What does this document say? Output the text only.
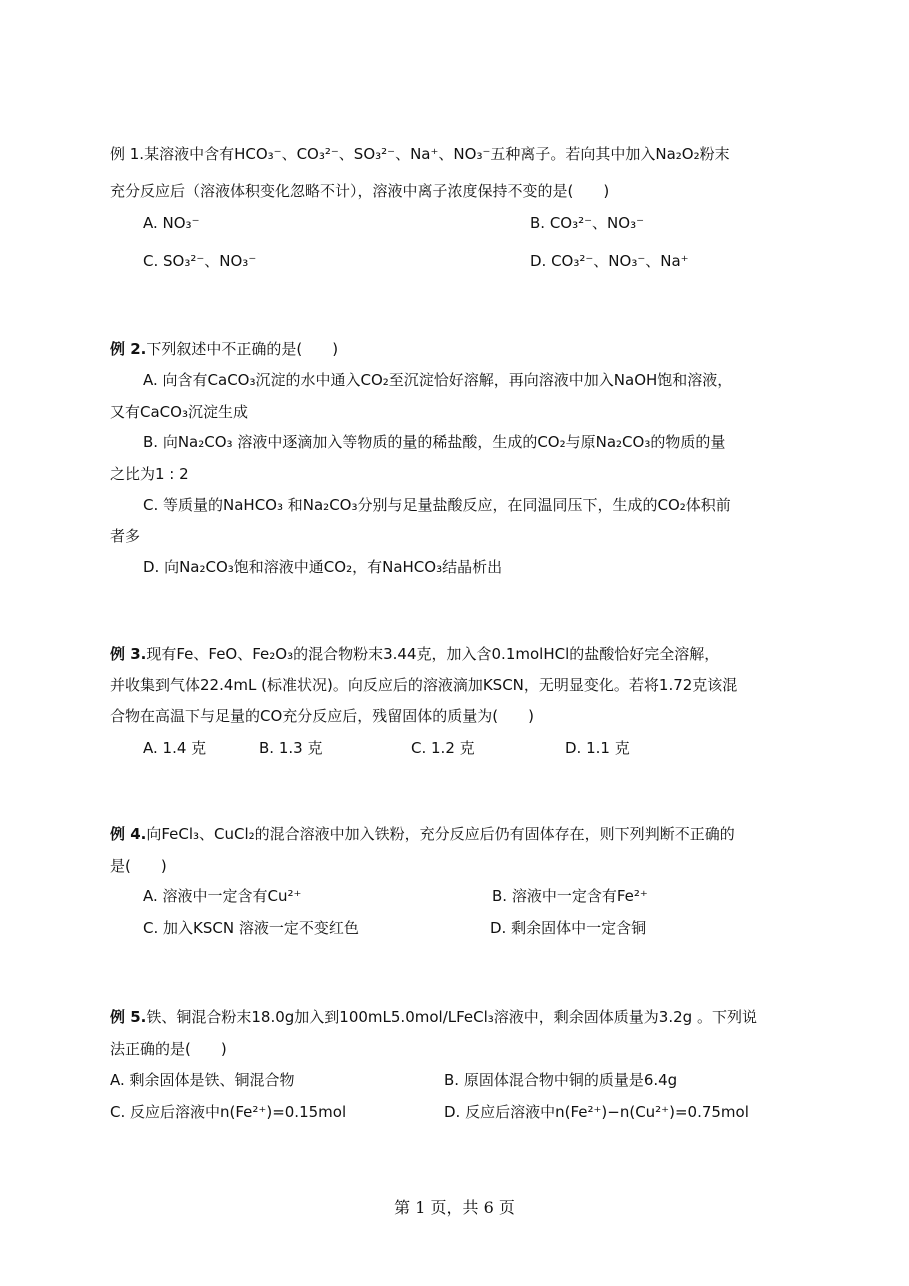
例 1.某溶液中含有HCO₃⁻、CO₃²⁻、SO₃²⁻、Na⁺、NO₃⁻五种离子。若向其中加入Na₂O₂粉末
充分反应后（溶液体积变化忽略不计），溶液中离子浓度保持不变的是(　　)
A. NO₃⁻	B. CO₃²⁻、NO₃⁻
C. SO₃²⁻、NO₃⁻	D. CO₃²⁻、NO₃⁻、Na⁺
例 2.下列叙述中不正确的是(　　)
A. 向含有CaCO₃沉淀的水中通入CO₂至沉淀恰好溶解，再向溶液中加入NaOH饱和溶液，
又有CaCO₃沉淀生成
B. 向Na₂CO₃ 溶液中逐滴加入等物质的量的稀盐酸，生成的CO₂与原Na₂CO₃的物质的量
之比为1 : 2
C. 等质量的NaHCO₃ 和Na₂CO₃分别与足量盐酸反应，在同温同压下，生成的CO₂体积前
者多
D. 向Na₂CO₃饱和溶液中通CO₂，有NaHCO₃结晶析出
例 3.现有Fe、FeO、Fe₂O₃的混合物粉末3.44克，加入含0.1molHCl的盐酸恰好完全溶解，
并收集到气体22.4mL (标准状况)。向反应后的溶液滴加KSCN，无明显变化。若将1.72克该混
合物在高温下与足量的CO充分反应后，残留固体的质量为(　　)
A. 1.4 克	B. 1.3 克	C. 1.2 克	D. 1.1 克
例 4.向FeCl₃、CuCl₂的混合溶液中加入铁粉，充分反应后仍有固体存在，则下列判断不正确的
是(　　)
A. 溶液中一定含有Cu²⁺	B. 溶液中一定含有Fe²⁺
C. 加入KSCN 溶液一定不变红色	D. 剩余固体中一定含铜
例 5.铁、铜混合粉末18.0g加入到100mL5.0mol/LFeCl₃溶液中，剩余固体质量为3.2g 。下列说
法正确的是(　　)
A. 剩余固体是铁、铜混合物	B. 原固体混合物中铜的质量是6.4g
C. 反应后溶液中n(Fe²⁺)=0.15mol	D. 反应后溶液中n(Fe²⁺)−n(Cu²⁺)=0.75mol
第 1 页，共 6 页
